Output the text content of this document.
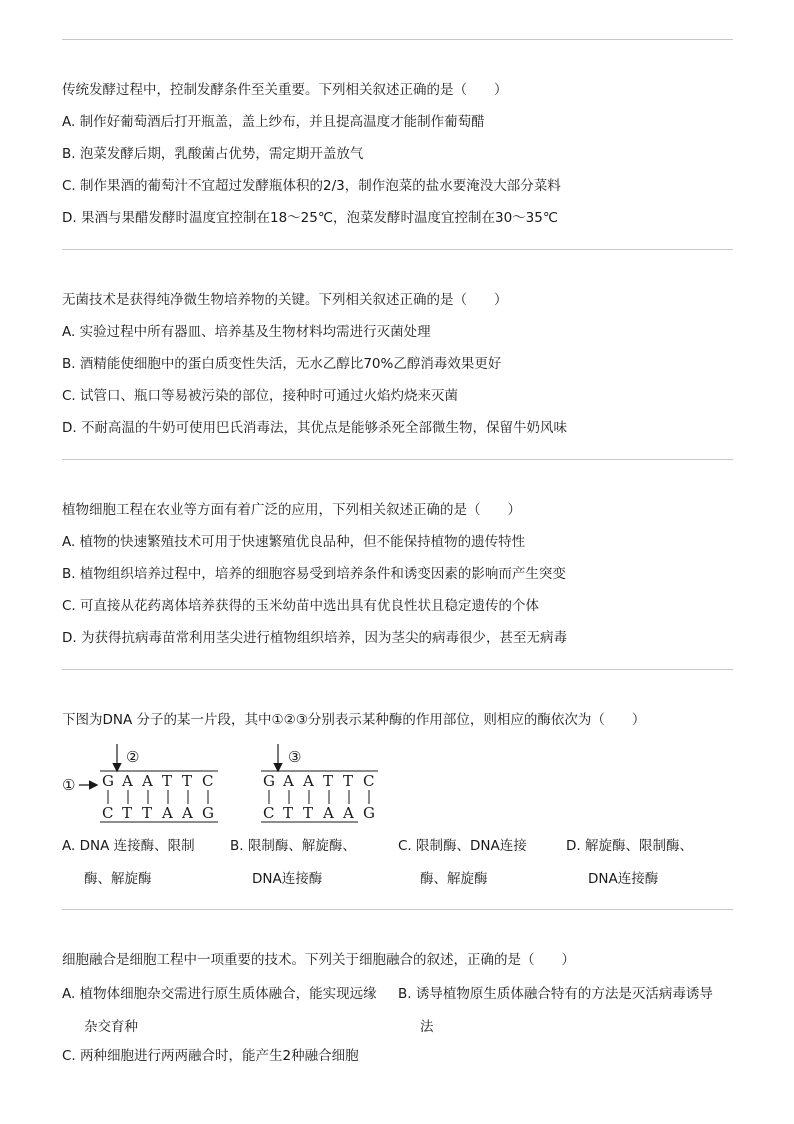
传统发酵过程中，控制发酵条件至关重要。下列相关叙述正确的是（　　）

A. 制作好葡萄酒后打开瓶盖，盖上纱布，并且提高温度才能制作葡萄醋

B. 泡菜发酵后期，乳酸菌占优势，需定期开盖放气

C. 制作果酒的葡萄汁不宜超过发酵瓶体积的2/3，制作泡菜的盐水要淹没大部分菜料

D. 果酒与果醋发酵时温度宜控制在18～25℃，泡菜发酵时温度宜控制在30～35℃

无菌技术是获得纯净微生物培养物的关键。下列相关叙述正确的是（　　）

A. 实验过程中所有器皿、培养基及生物材料均需进行灭菌处理

B. 酒精能使细胞中的蛋白质变性失活，无水乙醇比70%乙醇消毒效果更好

C. 试管口、瓶口等易被污染的部位，接种时可通过火焰灼烧来灭菌

D. 不耐高温的牛奶可使用巴氏消毒法，其优点是能够杀死全部微生物，保留牛奶风味

植物细胞工程在农业等方面有着广泛的应用，下列相关叙述正确的是（　　）

A. 植物的快速繁殖技术可用于快速繁殖优良品种，但不能保持植物的遗传特性

B. 植物组织培养过程中，培养的细胞容易受到培养条件和诱变因素的影响而产生突变

C. 可直接从花药离体培养获得的玉米幼苗中选出具有优良性状且稳定遗传的个体

D. 为获得抗病毒苗常利用茎尖进行植物组织培养，因为茎尖的病毒很少，甚至无病毒

下图为DNA 分子的某一片段，其中①②③分别表示某种酶的作用部位，则相应的酶依次为（　　）

②
① G A A T T C
C T T A A G
③
G A A T T C
C T T A A G
A. DNA 连接酶、限制
酶、解旋酶
B. 限制酶、解旋酶、
DNA连接酶
C. 限制酶、DNA连接
酶、解旋酶
D. 解旋酶、限制酶、
DNA连接酶

细胞融合是细胞工程中一项重要的技术。下列关于细胞融合的叙述，正确的是（　　）

A. 植物体细胞杂交需进行原生质体融合，能实现远缘
杂交育种
B. 诱导植物原生质体融合特有的方法是灭活病毒诱导
法
C. 两种细胞进行两两融合时，能产生2种融合细胞
